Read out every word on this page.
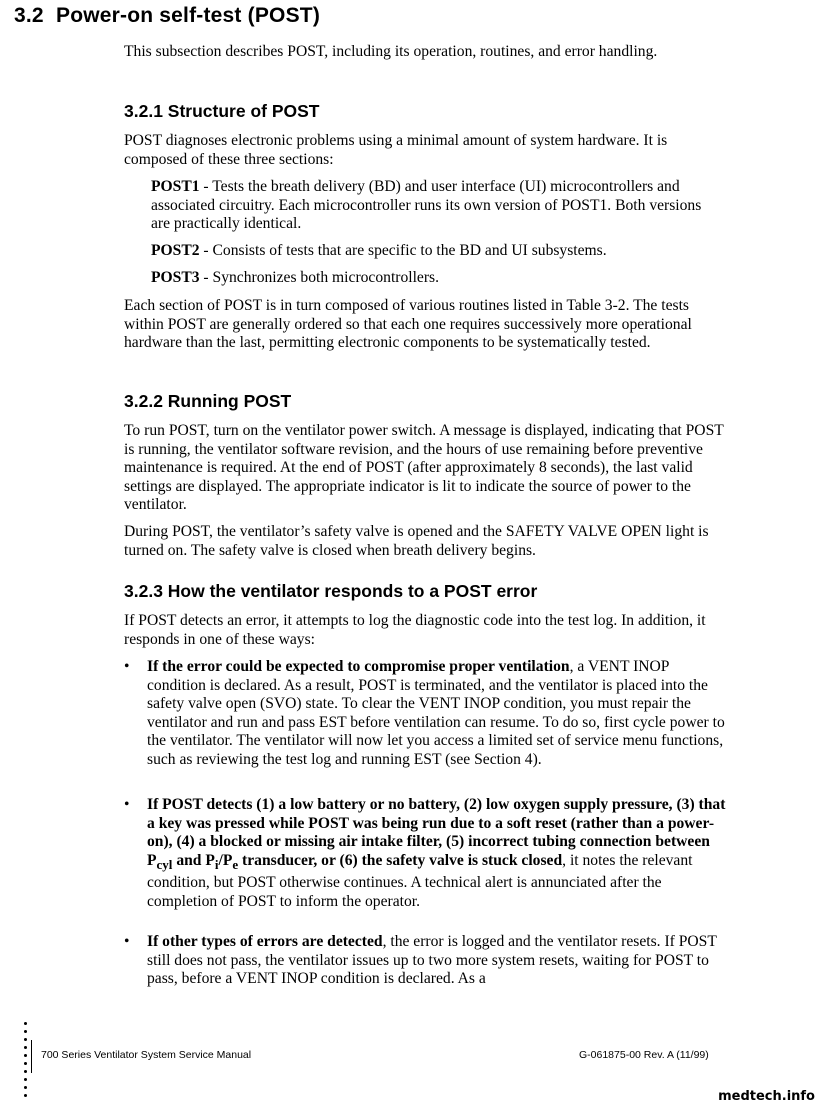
3.2 Power-on self-test (POST)
This subsection describes POST, including its operation, routines, and error handling.
3.2.1 Structure of POST
POST diagnoses electronic problems using a minimal amount of system hardware. It is composed of these three sections:
POST1 - Tests the breath delivery (BD) and user interface (UI) microcontrollers and associated circuitry. Each microcontroller runs its own version of POST1. Both versions are practically identical.
POST2 - Consists of tests that are specific to the BD and UI subsystems.
POST3 - Synchronizes both microcontrollers.
Each section of POST is in turn composed of various routines listed in Table 3-2. The tests within POST are generally ordered so that each one requires successively more operational hardware than the last, permitting electronic components to be systematically tested.
3.2.2 Running POST
To run POST, turn on the ventilator power switch. A message is displayed, indicating that POST is running, the ventilator software revision, and the hours of use remaining before preventive maintenance is required. At the end of POST (after approximately 8 seconds), the last valid settings are displayed. The appropriate indicator is lit to indicate the source of power to the ventilator.
During POST, the ventilator’s safety valve is opened and the SAFETY VALVE OPEN light is turned on. The safety valve is closed when breath delivery begins.
3.2.3 How the ventilator responds to a POST error
If POST detects an error, it attempts to log the diagnostic code into the test log. In addition, it responds in one of these ways:
• If the error could be expected to compromise proper ventilation, a VENT INOP condition is declared. As a result, POST is terminated, and the ventilator is placed into the safety valve open (SVO) state. To clear the VENT INOP condition, you must repair the ventilator and run and pass EST before ventilation can resume. To do so, first cycle power to the ventilator. The ventilator will now let you access a limited set of service menu functions, such as reviewing the test log and running EST (see Section 4).
• If POST detects (1) a low battery or no battery, (2) low oxygen supply pressure, (3) that a key was pressed while POST was being run due to a soft reset (rather than a power-on), (4) a blocked or missing air intake filter, (5) incorrect tubing connection between $P_{cyl}$ and $P_i/P_e$ transducer, or (6) the safety valve is stuck closed, it notes the relevant condition, but POST otherwise continues. A technical alert is annunciated after the completion of POST to inform the operator.
• If other types of errors are detected, the error is logged and the ventilator resets. If POST still does not pass, the ventilator issues up to two more system resets, waiting for POST to pass, before a VENT INOP condition is declared. As a
700 Series Ventilator System Service Manual	G-061875-00 Rev. A (11/99)
medtech.info
